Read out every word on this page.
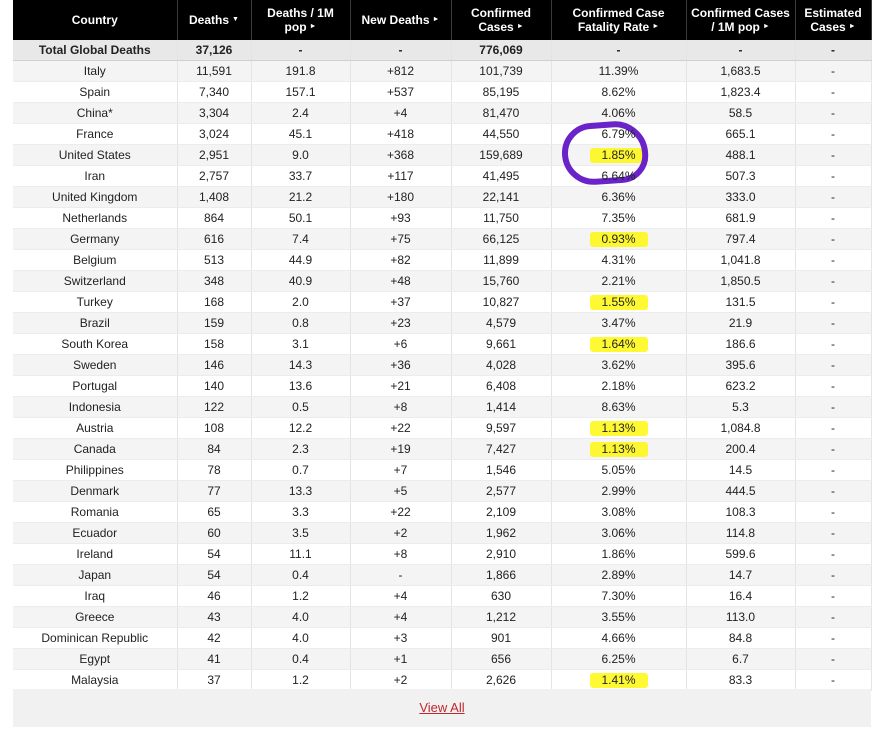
Country	Deaths ▼	Deaths / 1M pop ►	New Deaths ►	Confirmed Cases ►	Confirmed Case Fatality Rate ►	Confirmed Cases / 1M pop ►	Estimated Cases ►
Total Global Deaths	37,126	-	-	776,069	-	-	-
Italy	11,591	191.8	+812	101,739	11.39%	1,683.5	-
Spain	7,340	157.1	+537	85,195	8.62%	1,823.4	-
China*	3,304	2.4	+4	81,470	4.06%	58.5	-
France	3,024	45.1	+418	44,550	6.79%	665.1	-
United States	2,951	9.0	+368	159,689	1.85%	488.1	-
Iran	2,757	33.7	+117	41,495	6.64%	507.3	-
United Kingdom	1,408	21.2	+180	22,141	6.36%	333.0	-
Netherlands	864	50.1	+93	11,750	7.35%	681.9	-
Germany	616	7.4	+75	66,125	0.93%	797.4	-
Belgium	513	44.9	+82	11,899	4.31%	1,041.8	-
Switzerland	348	40.9	+48	15,760	2.21%	1,850.5	-
Turkey	168	2.0	+37	10,827	1.55%	131.5	-
Brazil	159	0.8	+23	4,579	3.47%	21.9	-
South Korea	158	3.1	+6	9,661	1.64%	186.6	-
Sweden	146	14.3	+36	4,028	3.62%	395.6	-
Portugal	140	13.6	+21	6,408	2.18%	623.2	-
Indonesia	122	0.5	+8	1,414	8.63%	5.3	-
Austria	108	12.2	+22	9,597	1.13%	1,084.8	-
Canada	84	2.3	+19	7,427	1.13%	200.4	-
Philippines	78	0.7	+7	1,546	5.05%	14.5	-
Denmark	77	13.3	+5	2,577	2.99%	444.5	-
Romania	65	3.3	+22	2,109	3.08%	108.3	-
Ecuador	60	3.5	+2	1,962	3.06%	114.8	-
Ireland	54	11.1	+8	2,910	1.86%	599.6	-
Japan	54	0.4	-	1,866	2.89%	14.7	-
Iraq	46	1.2	+4	630	7.30%	16.4	-
Greece	43	4.0	+4	1,212	3.55%	113.0	-
Dominican Republic	42	4.0	+3	901	4.66%	84.8	-
Egypt	41	0.4	+1	656	6.25%	6.7	-
Malaysia	37	1.2	+2	2,626	1.41%	83.3	-
View All
